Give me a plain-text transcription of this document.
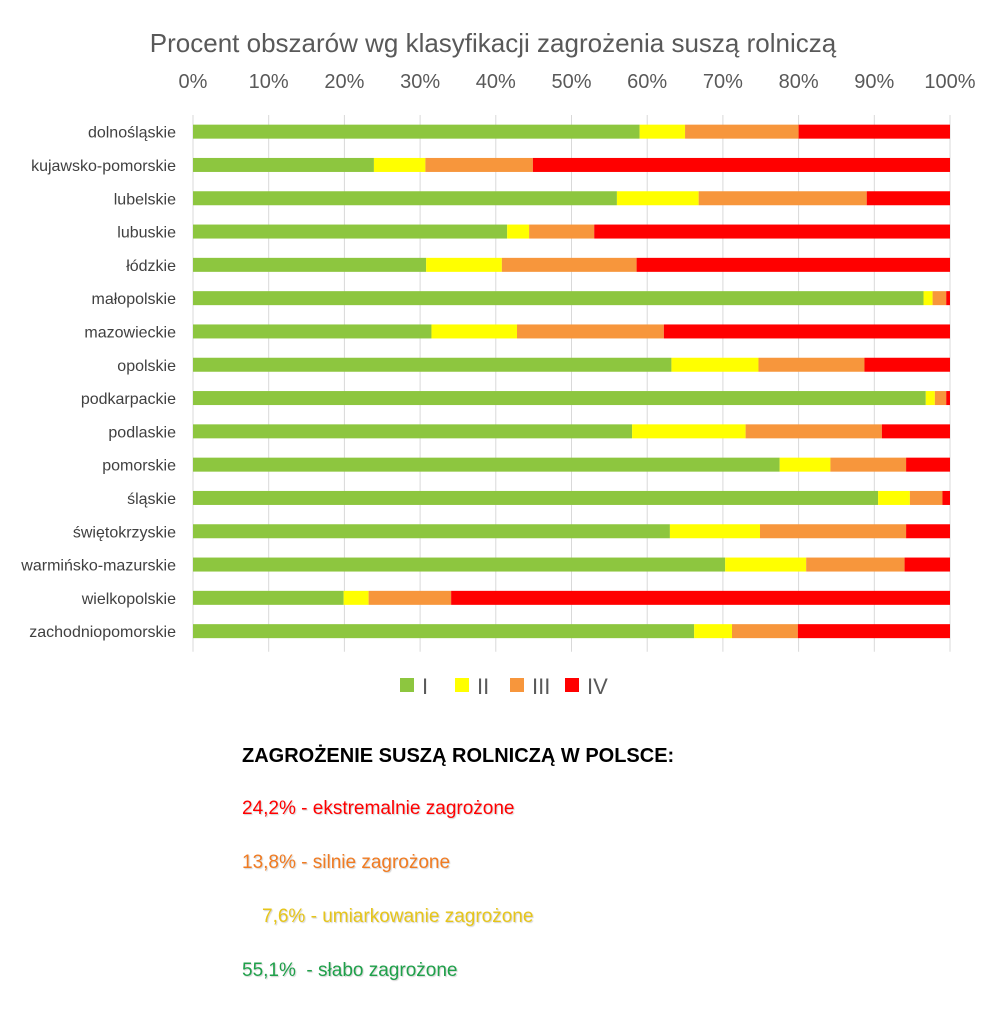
Procent obszarów wg klasyfikacji zagrożenia suszą rolniczą
0% 10% 20% 30% 40% 50% 60% 70% 80% 90% 100%
dolnośląskie
kujawsko-pomorskie
lubelskie
lubuskie
łódzkie
małopolskie
mazowieckie
opolskie
podkarpackie
podlaskie
pomorskie
śląskie
świętokrzyskie
warmińsko-mazurskie
wielkopolskie
zachodniopomorskie
I II III IV
ZAGROŻENIE SUSZĄ ROLNICZĄ W POLSCE:
24,2% - ekstremalnie zagrożone
13,8% - silnie zagrożone
7,6% - umiarkowanie zagrożone
55,1%  - słabo zagrożone
